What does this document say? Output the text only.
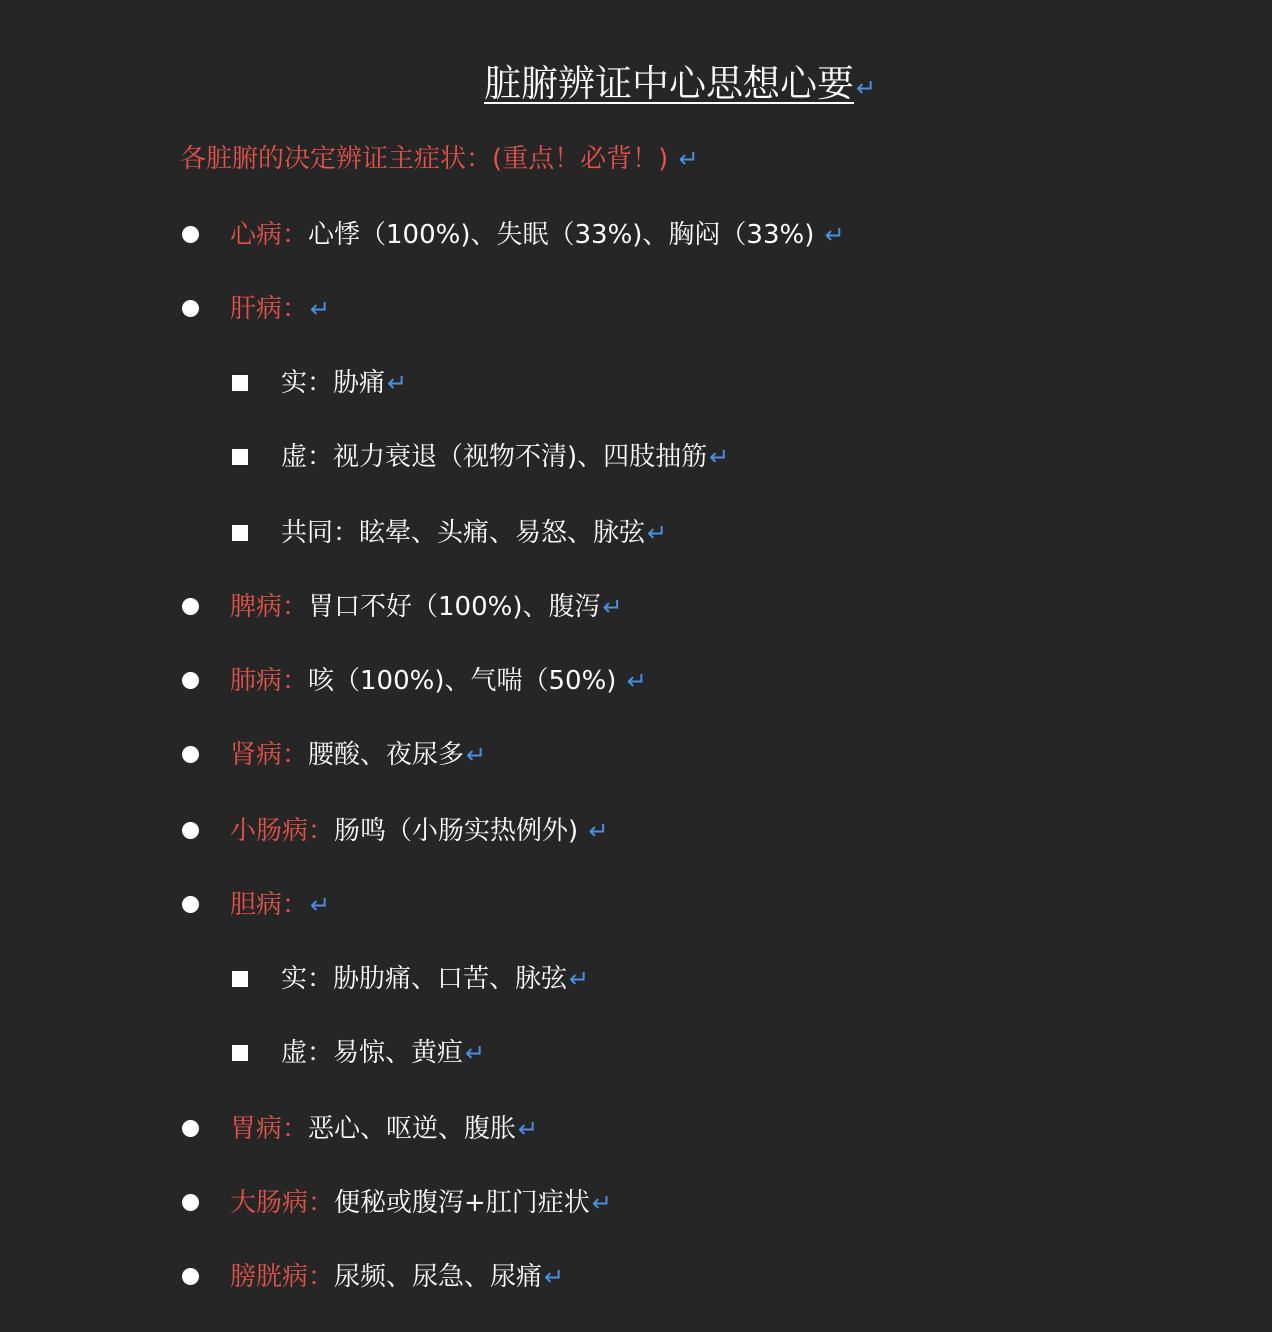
脏腑辨证中心思想心要↵
各脏腑的决定辨证主症状：(重点！必背！) ↵
心病：心悸（100%)、失眠（33%)、胸闷（33%) ↵
肝病：↵
实：胁痛↵
虚：视力衰退（视物不清)、四肢抽筋↵
共同：眩晕、头痛、易怒、脉弦↵
脾病：胃口不好（100%)、腹泻↵
肺病：咳（100%)、气喘（50%) ↵
肾病：腰酸、夜尿多↵
小肠病：肠鸣（小肠实热例外) ↵
胆病：↵
实：胁肋痛、口苦、脉弦↵
虚：易惊、黄疸↵
胃病：恶心、呕逆、腹胀↵
大肠病：便秘或腹泻+肛门症状↵
膀胱病：尿频、尿急、尿痛↵
